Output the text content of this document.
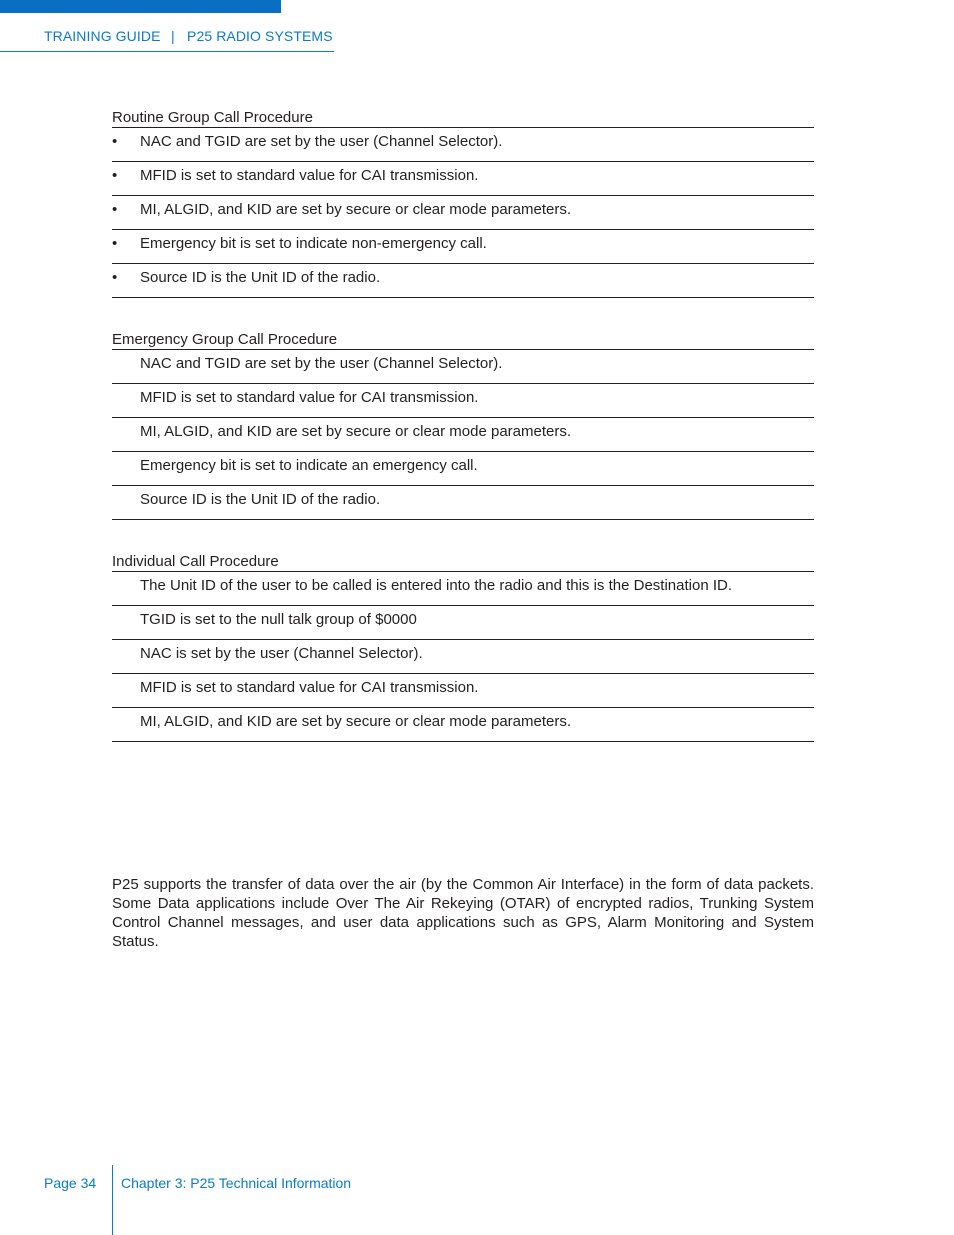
TRAINING GUIDE | P25 RADIO SYSTEMS
Routine Group Call Procedure
• NAC and TGID are set by the user (Channel Selector).
• MFID is set to standard value for CAI transmission.
• MI, ALGID, and KID are set by secure or clear mode parameters.
• Emergency bit is set to indicate non-emergency call.
• Source ID is the Unit ID of the radio.
Emergency Group Call Procedure
NAC and TGID are set by the user (Channel Selector).
MFID is set to standard value for CAI transmission.
MI, ALGID, and KID are set by secure or clear mode parameters.
Emergency bit is set to indicate an emergency call.
Source ID is the Unit ID of the radio.
Individual Call Procedure
The Unit ID of the user to be called is entered into the radio and this is the Destination ID.
TGID is set to the null talk group of $0000
NAC is set by the user (Channel Selector).
MFID is set to standard value for CAI transmission.
MI, ALGID, and KID are set by secure or clear mode parameters.

P25 supports the transfer of data over the air (by the Common Air Interface) in the form of data packets. Some Data applications include Over The Air Rekeying (OTAR) of encrypted radios, Trunking System Control Channel messages, and user data applications such as GPS, Alarm Monitoring and System Status.

Page 34 Chapter 3: P25 Technical Information
